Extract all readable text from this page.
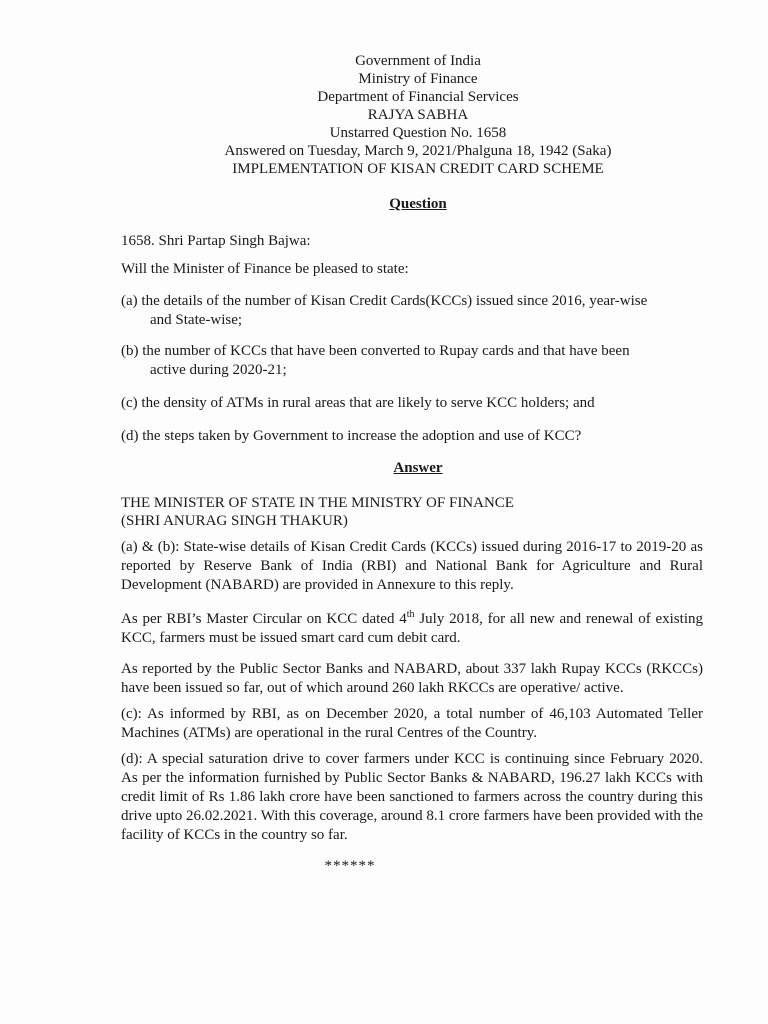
Government of India
Ministry of Finance
Department of Financial Services
RAJYA SABHA
Unstarred Question No. 1658
Answered on Tuesday, March 9, 2021/Phalguna 18, 1942 (Saka)
IMPLEMENTATION OF KISAN CREDIT CARD SCHEME
Question
1658. Shri Partap Singh Bajwa:
Will the Minister of Finance be pleased to state:
(a) the details of the number of Kisan Credit Cards(KCCs) issued since 2016, year-wise
and State-wise;
(b) the number of KCCs that have been converted to Rupay cards and that have been
active during 2020-21;
(c) the density of ATMs in rural areas that are likely to serve KCC holders; and
(d) the steps taken by Government to increase the adoption and use of KCC?
Answer
THE MINISTER OF STATE IN THE MINISTRY OF FINANCE
(SHRI ANURAG SINGH THAKUR)

(a) & (b): State-wise details of Kisan Credit Cards (KCCs) issued during 2016-17 to 2019-20 as reported by Reserve Bank of India (RBI) and National Bank for Agriculture and Rural Development (NABARD) are provided in Annexure to this reply.

As per RBI’s Master Circular on KCC dated 4th July 2018, for all new and renewal of existing KCC, farmers must be issued smart card cum debit card.

As reported by the Public Sector Banks and NABARD, about 337 lakh Rupay KCCs (RKCCs) have been issued so far, out of which around 260 lakh RKCCs are operative/ active.

(c): As informed by RBI, as on December 2020, a total number of 46,103 Automated Teller Machines (ATMs) are operational in the rural Centres of the Country.

(d): A special saturation drive to cover farmers under KCC is continuing since February 2020. As per the information furnished by Public Sector Banks & NABARD, 196.27 lakh KCCs with credit limit of Rs 1.86 lakh crore have been sanctioned to farmers across the country during this drive upto 26.02.2021. With this coverage, around 8.1 crore farmers have been provided with the facility of KCCs in the country so far.

******
